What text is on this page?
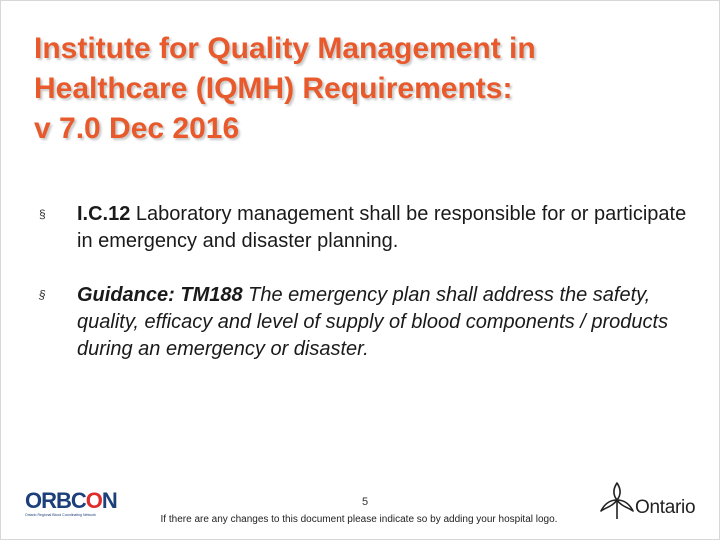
Institute for Quality Management in
Healthcare (IQMH) Requirements:
v 7.0 Dec 2016
§ I.C.12 Laboratory management shall be responsible for or participate in emergency and disaster planning.
§ Guidance: TM188 The emergency plan shall address the safety, quality, efficacy and level of supply of blood components / products during an emergency or disaster.
ORBCON
Ontario Regional Blood Coordinating Network
5
If there are any changes to this document please indicate so by adding your hospital logo.
Ontario
